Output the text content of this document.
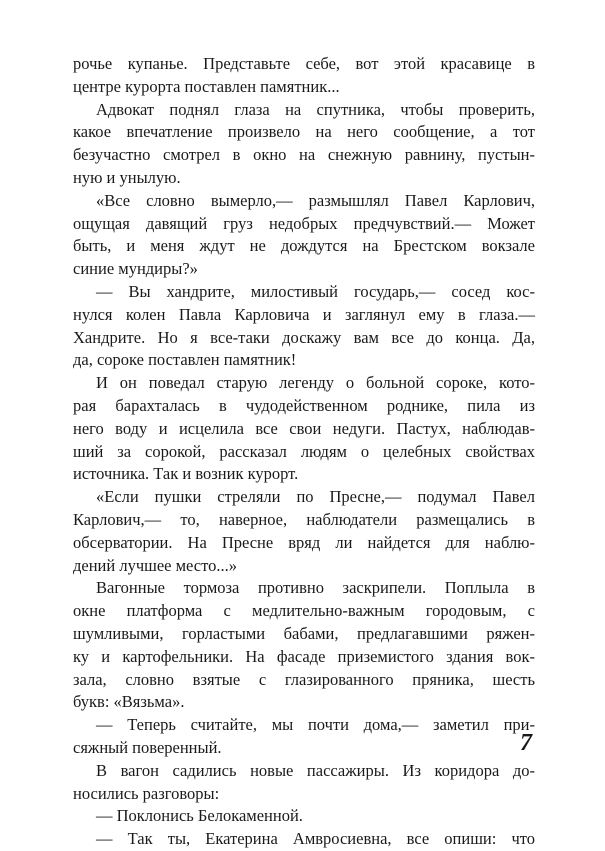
рочье купанье. Представьте себе, вот этой красавице в
центре курорта поставлен памятник...
Адвокат поднял глаза на спутника, чтобы проверить,
какое впечатление произвело на него сообщение, а тот
безучастно смотрел в окно на снежную равнину, пустын-
ную и унылую.
«Все словно вымерло,— размышлял Павел Карлович,
ощущая давящий груз недобрых предчувствий.— Может
быть, и меня ждут не дождутся на Брестском вокзале
синие мундиры?»
— Вы хандрите, милостивый государь,— сосед кос-
нулся колен Павла Карловича и заглянул ему в глаза.—
Хандрите. Но я все-таки доскажу вам все до конца. Да,
да, сороке поставлен памятник!
И он поведал старую легенду о больной сороке, кото-
рая барахталась в чудодейственном роднике, пила из
него воду и исцелила все свои недуги. Пастух, наблюдав-
ший за сорокой, рассказал людям о целебных свойствах
источника. Так и возник курорт.
«Если пушки стреляли по Пресне,— подумал Павел
Карлович,— то, наверное, наблюдатели размещались в
обсерватории. На Пресне вряд ли найдется для наблю-
дений лучшее место...»
Вагонные тормоза противно заскрипели. Поплыла в
окне платформа с медлительно-важным городовым, с
шумливыми, горластыми бабами, предлагавшими ряжен-
ку и картофельники. На фасаде приземистого здания вок-
зала, словно взятые с глазированного пряника, шесть
букв: «Вязьма».
— Теперь считайте, мы почти дома,— заметил при-
сяжный поверенный.
В вагон садились новые пассажиры. Из коридора до-
носились разговоры:
— Поклонись Белокаменной.
— Так ты, Екатерина Амвросиевна, все опиши: что
7
